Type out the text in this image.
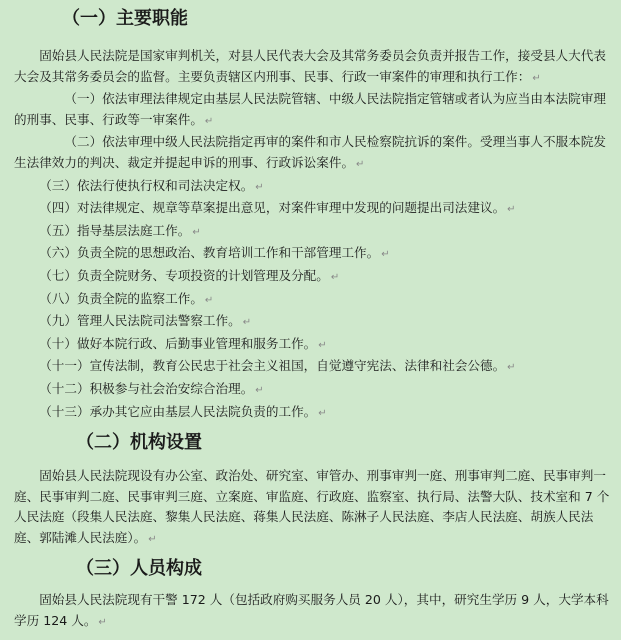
（一）主要职能

固始县人民法院是国家审判机关，对县人民代表大会及其常务委员会负责并报告工作，接受县人大代表大会及其常务委员会的监督。主要负责辖区内刑事、民事、行政一审案件的审理和执行工作： ↵

（一）依法审理法律规定由基层人民法院管辖、中级人民法院指定管辖或者认为应当由本法院审理的刑事、民事、行政等一审案件。 ↵

（二）依法审理中级人民法院指定再审的案件和市人民检察院抗诉的案件。受理当事人不服本院发生法律效力的判决、裁定并提起申诉的刑事、行政诉讼案件。 ↵

（三）依法行使执行权和司法决定权。 ↵

（四）对法律规定、规章等草案提出意见，对案件审理中发现的问题提出司法建议。 ↵

（五）指导基层法庭工作。 ↵

（六）负责全院的思想政治、教育培训工作和干部管理工作。 ↵

（七）负责全院财务、专项投资的计划管理及分配。 ↵

（八）负责全院的监察工作。 ↵

（九）管理人民法院司法警察工作。 ↵

（十）做好本院行政、后勤事业管理和服务工作。 ↵

（十一）宣传法制，教育公民忠于社会主义祖国，自觉遵守宪法、法律和社会公德。 ↵

（十二）积极参与社会治安综合治理。 ↵

（十三）承办其它应由基层人民法院负责的工作。 ↵

（二）机构设置

固始县人民法院现设有办公室、政治处、研究室、审管办、刑事审判一庭、刑事审判二庭、民事审判一庭、民事审判二庭、民事审判三庭、立案庭、审监庭、行政庭、监察室、执行局、法警大队、技术室和 7 个人民法庭（段集人民法庭、黎集人民法庭、蒋集人民法庭、陈淋子人民法庭、李店人民法庭、胡族人民法庭、郭陆滩人民法庭）。 ↵

（三）人员构成

固始县人民法院现有干警 172 人（包括政府购买服务人员 20 人），其中，研究生学历 9 人，大学本科学历 124 人。 ↵
